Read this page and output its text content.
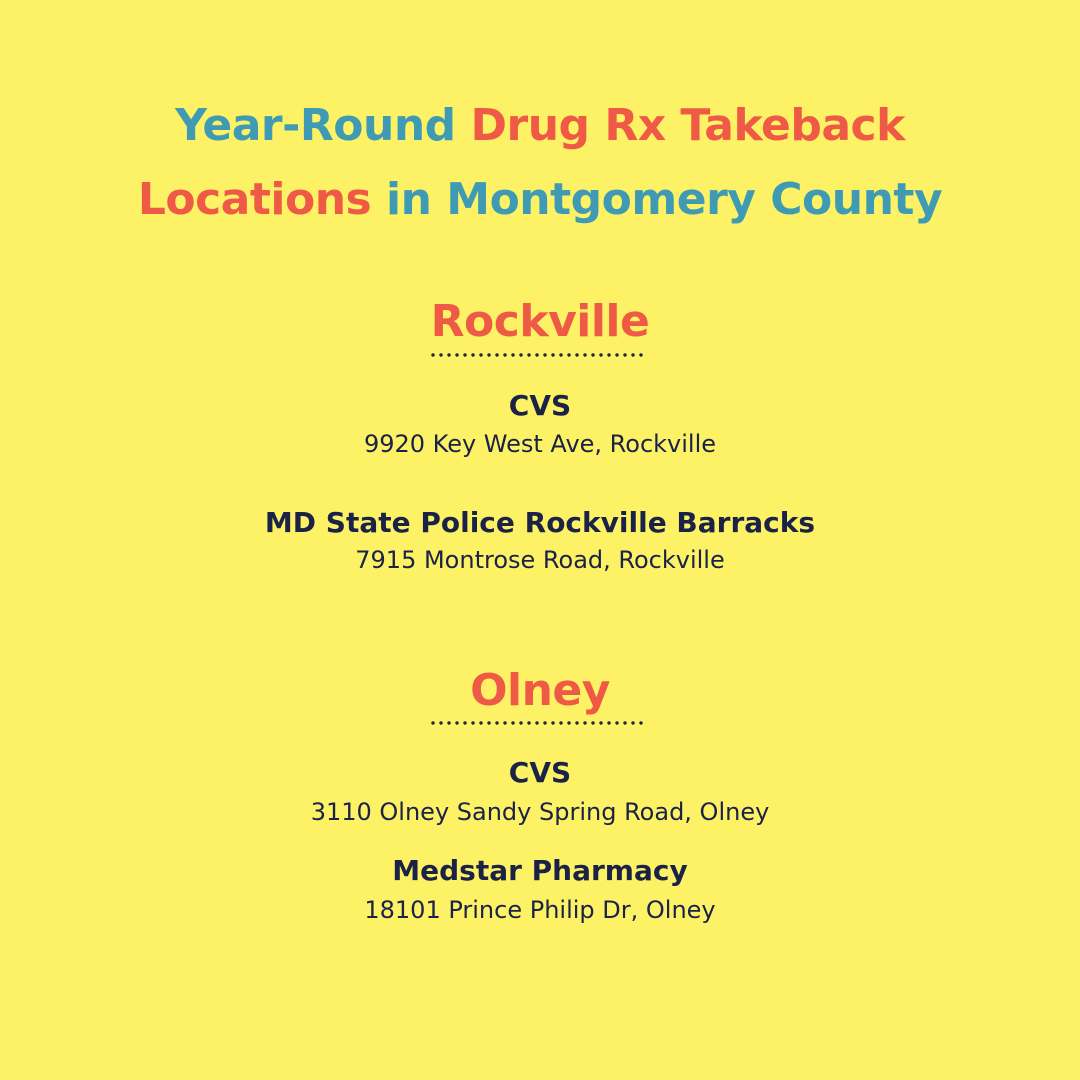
Year-Round Drug Rx Takeback
Locations in Montgomery County
Rockville
CVS
9920 Key West Ave, Rockville
MD State Police Rockville Barracks
7915 Montrose Road, Rockville
Olney
CVS
3110 Olney Sandy Spring Road, Olney
Medstar Pharmacy
18101 Prince Philip Dr, Olney
